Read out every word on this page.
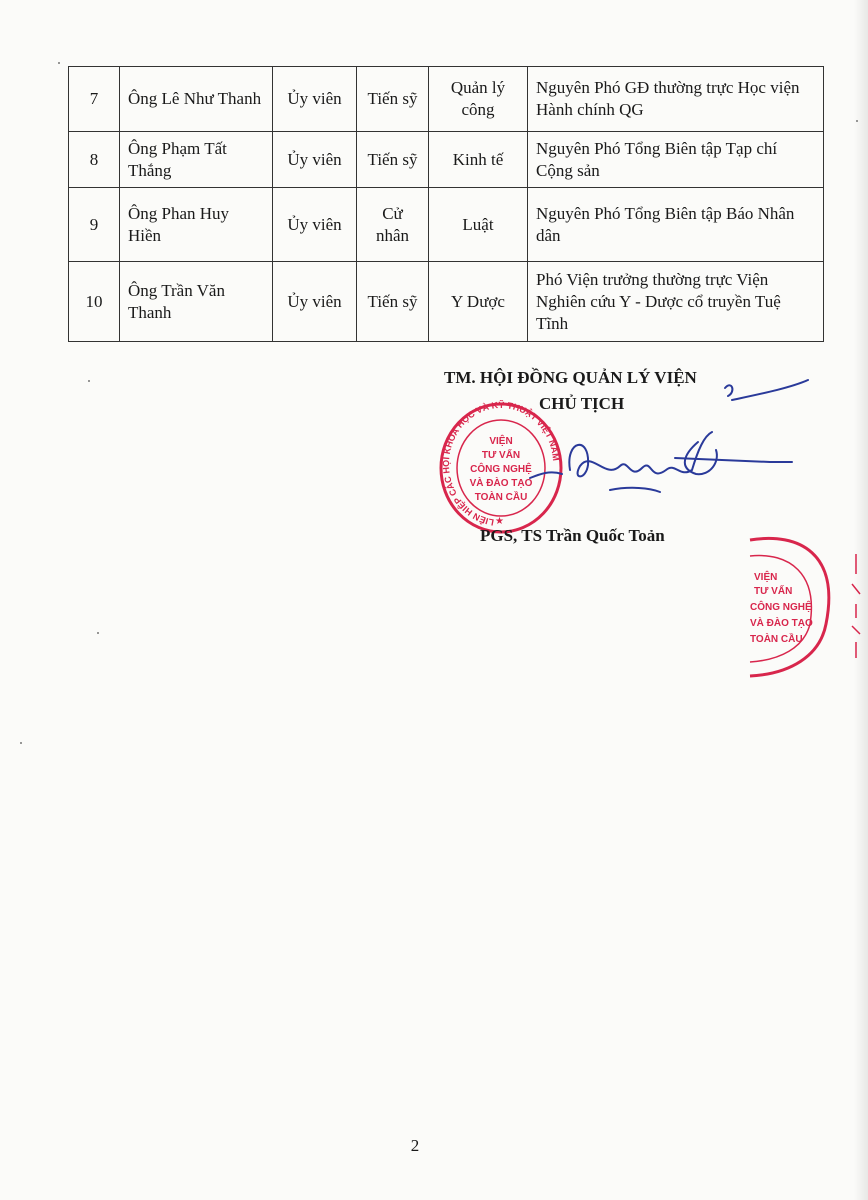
7	Ông Lê Như Thanh	Ủy viên	Tiến sỹ	Quản lý công	Nguyên Phó GĐ thường trực Học viện Hành chính QG
8	Ông Phạm Tất Thắng	Ủy viên	Tiến sỹ	Kinh tế	Nguyên Phó Tổng Biên tập Tạp chí Cộng sản
9	Ông Phan Huy Hiền	Ủy viên	Cử nhân	Luật	Nguyên Phó Tổng Biên tập Báo Nhân dân
10	Ông Trần Văn Thanh	Ủy viên	Tiến sỹ	Y Dược	Phó Viện trưởng thường trực Viện Nghiên cứu Y - Dược cổ truyền Tuệ Tĩnh
TM. HỘI ĐỒNG QUẢN LÝ VIỆN
CHỦ TỊCH
LIÊN HIỆP CÁC HỘI KHOA HỌC VÀ KỸ THUẬT VIỆT NAM
★
VIỆN
TƯ VẤN
CÔNG NGHỆ
VÀ ĐÀO TẠO
TOÀN CẦU
PGS, TS Trần Quốc Toản
VIỆN
TƯ VẤN
CÔNG NGHỆ
VÀ ĐÀO TẠO
TOÀN CẦU
2
